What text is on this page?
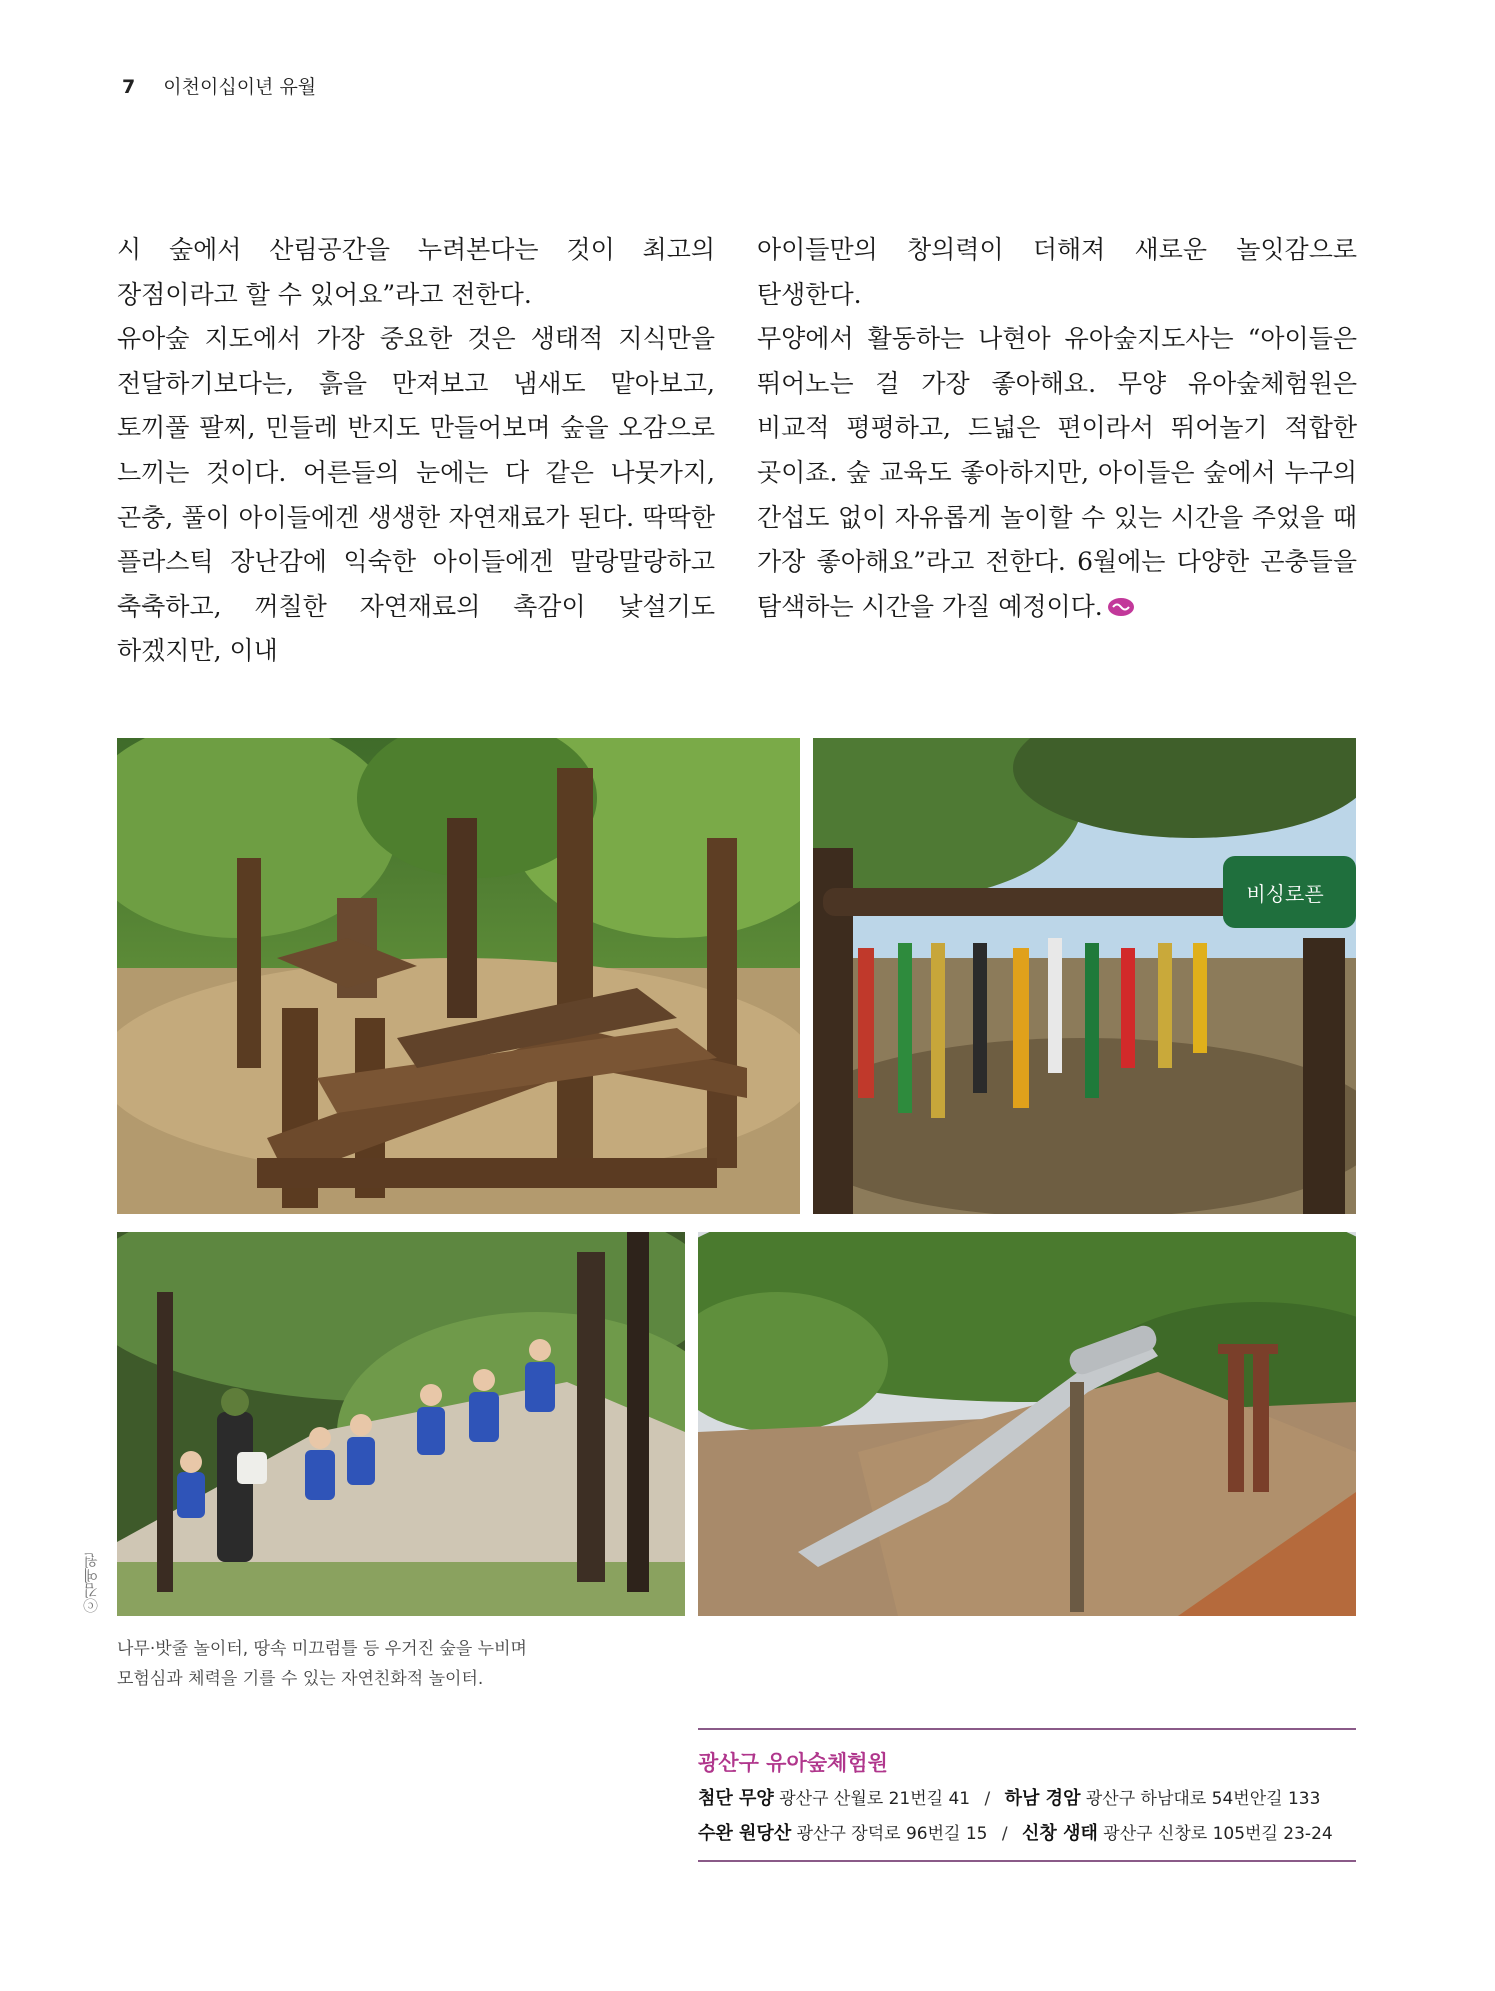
7 이천이십이년 유월

시 숲에서 산림공간을 누려본다는 것이 최고의 장점이라고 할 수 있어요”라고 전한다.

유아숲 지도에서 가장 중요한 것은 생태적 지식만을 전달하기보다는, 흙을 만져보고 냄새도 맡아보고, 토끼풀 팔찌, 민들레 반지도 만들어보며 숲을 오감으로 느끼는 것이다. 어른들의 눈에는 다 같은 나뭇가지, 곤충, 풀이 아이들에겐 생생한 자연재료가 된다. 딱딱한 플라스틱 장난감에 익숙한 아이들에겐 말랑말랑하고 축축하고, 꺼칠한 자연재료의 촉감이 낯설기도 하겠지만, 이내

아이들만의 창의력이 더해져 새로운 놀잇감으로 탄생한다.

무양에서 활동하는 나현아 유아숲지도사는 “아이들은 뛰어노는 걸 가장 좋아해요. 무양 유아숲체험원은 비교적 평평하고, 드넓은 편이라서 뛰어놀기 적합한 곳이죠. 숲 교육도 좋아하지만, 아이들은 숲에서 누구의 간섭도 없이 자유롭게 놀이할 수 있는 시간을 주었을 때 가장 좋아해요”라고 전한다. 6월에는 다양한 곤충들을 탐색하는 시간을 가질 예정이다.

비싱로픈
ⓒ김예원
나무·밧줄 놀이터, 땅속 미끄럼틀 등 우거진 숲을 누비며
모험심과 체력을 기를 수 있는 자연친화적 놀이터.
광산구 유아숲체험원
첨단 무양 광산구 산월로 21번길 41 / 하남 경암 광산구 하남대로 54번안길 133
수완 원당산 광산구 장덕로 96번길 15 / 신창 생태 광산구 신창로 105번길 23-24
